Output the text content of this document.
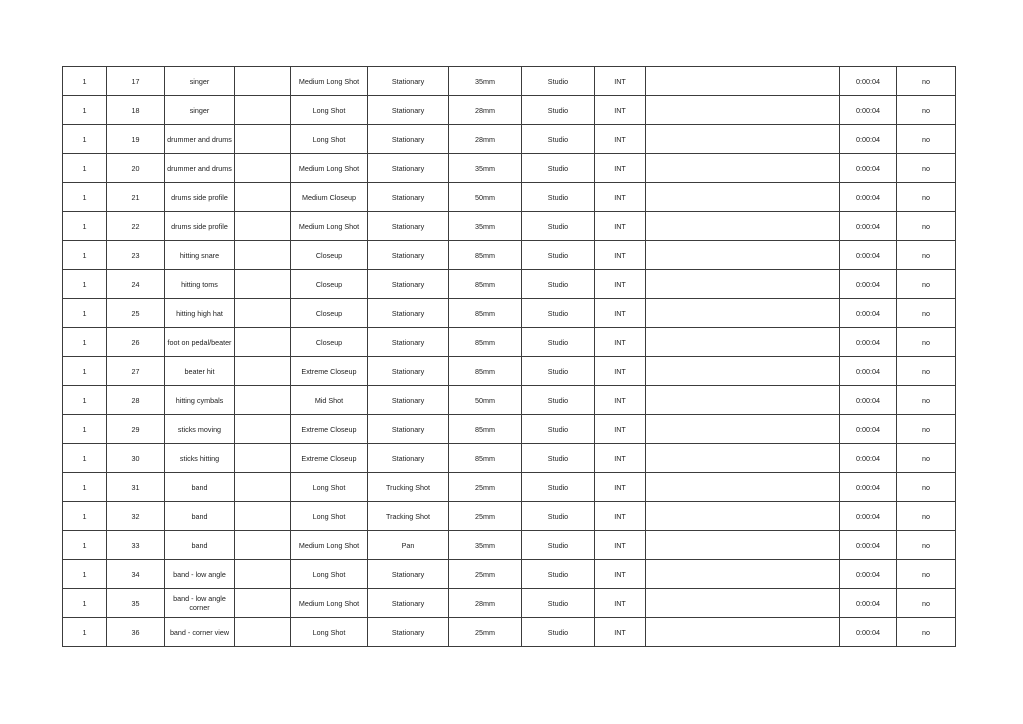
1	17	singer		Medium Long Shot	Stationary	35mm	Studio	INT		0:00:04	no
1	18	singer		Long Shot	Stationary	28mm	Studio	INT		0:00:04	no
1	19	drummer and drums		Long Shot	Stationary	28mm	Studio	INT		0:00:04	no
1	20	drummer and drums		Medium Long Shot	Stationary	35mm	Studio	INT		0:00:04	no
1	21	drums side profile		Medium Closeup	Stationary	50mm	Studio	INT		0:00:04	no
1	22	drums side profile		Medium Long Shot	Stationary	35mm	Studio	INT		0:00:04	no
1	23	hitting snare		Closeup	Stationary	85mm	Studio	INT		0:00:04	no
1	24	hitting toms		Closeup	Stationary	85mm	Studio	INT		0:00:04	no
1	25	hitting high hat		Closeup	Stationary	85mm	Studio	INT		0:00:04	no
1	26	foot on pedal/beater		Closeup	Stationary	85mm	Studio	INT		0:00:04	no
1	27	beater hit		Extreme Closeup	Stationary	85mm	Studio	INT		0:00:04	no
1	28	hitting cymbals		Mid Shot	Stationary	50mm	Studio	INT		0:00:04	no
1	29	sticks moving		Extreme Closeup	Stationary	85mm	Studio	INT		0:00:04	no
1	30	sticks hitting		Extreme Closeup	Stationary	85mm	Studio	INT		0:00:04	no
1	31	band		Long Shot	Trucking Shot	25mm	Studio	INT		0:00:04	no
1	32	band		Long Shot	Tracking Shot	25mm	Studio	INT		0:00:04	no
1	33	band		Medium Long Shot	Pan	35mm	Studio	INT		0:00:04	no
1	34	band - low angle		Long Shot	Stationary	25mm	Studio	INT		0:00:04	no
1	35	band - low angle corner		Medium Long Shot	Stationary	28mm	Studio	INT		0:00:04	no
1	36	band - corner view		Long Shot	Stationary	25mm	Studio	INT		0:00:04	no
